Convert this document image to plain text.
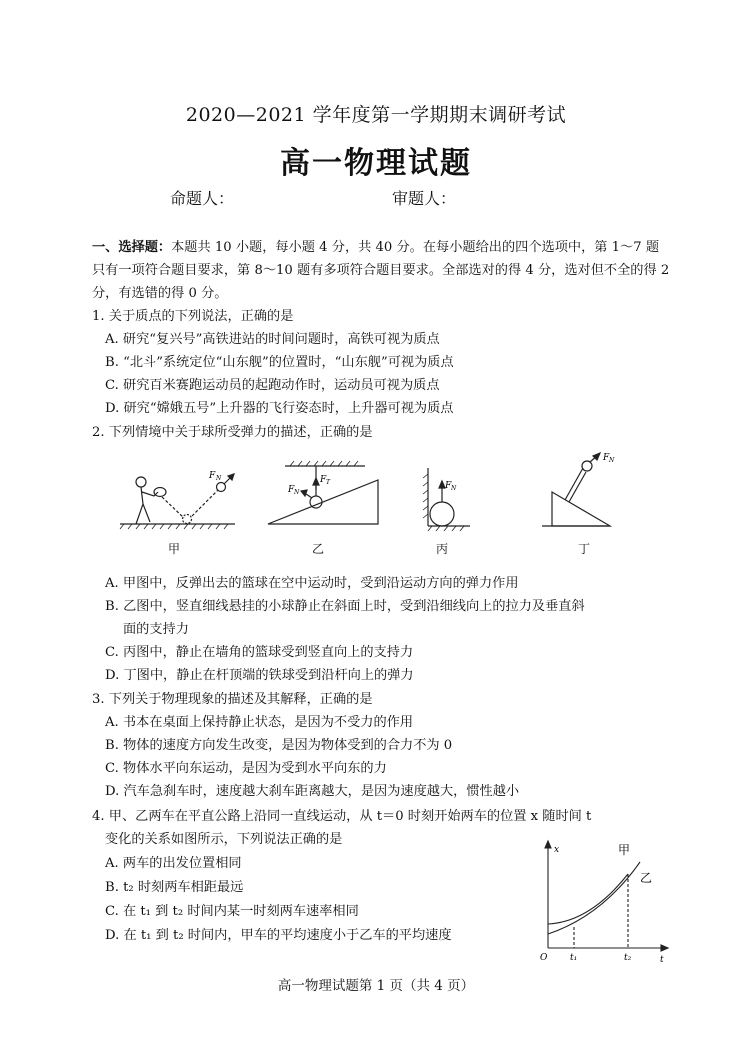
2020—2021 学年度第一学期期末调研考试
高一物理试题
命题人：	审题人：
一、选择题：本题共 10 小题，每小题 4 分，共 40 分。在每小题给出的四个选项中，第 1～7 题只有一项符合题目要求，第 8～10 题有多项符合题目要求。全部选对的得 4 分，选对但不全的得 2 分，有选错的得 0 分。
1. 关于质点的下列说法，正确的是
A. 研究“复兴号”高铁进站的时间问题时，高铁可视为质点
B. “北斗”系统定位“山东舰”的位置时，“山东舰”可视为质点
C. 研究百米赛跑运动员的起跑动作时，运动员可视为质点
D. 研究“嫦娥五号”上升器的飞行姿态时，上升器可视为质点
2. 下列情境中关于球所受弹力的描述，正确的是
F N	F T
F N
F N
F N
甲	乙	丙	丁
A. 甲图中，反弹出去的篮球在空中运动时，受到沿运动方向的弹力作用
B. 乙图中，竖直细线悬挂的小球静止在斜面上时，受到沿细线向上的拉力及垂直斜
面的支持力
C. 丙图中，静止在墙角的篮球受到竖直向上的支持力
D. 丁图中，静止在杆顶端的铁球受到沿杆向上的弹力
3. 下列关于物理现象的描述及其解释，正确的是
A. 书本在桌面上保持静止状态，是因为不受力的作用
B. 物体的速度方向发生改变，是因为物体受到的合力不为 0
C. 物体水平向东运动，是因为受到水平向东的力
D. 汽车急刹车时，速度越大刹车距离越大，是因为速度越大，惯性越小
4. 甲、乙两车在平直公路上沿同一直线运动，从 t＝0 时刻开始两车的位置 x 随时间 t
变化的关系如图所示，下列说法正确的是
A. 两车的出发位置相同
B. t₂ 时刻两车相距最远
C. 在 t₁ 到 t₂ 时间内某一时刻两车速率相同
D. 在 t₁ 到 t₂ 时间内，甲车的平均速度小于乙车的平均速度
x
t
O	t₁	t₂
甲
乙
高一物理试题第 1 页（共 4 页）
